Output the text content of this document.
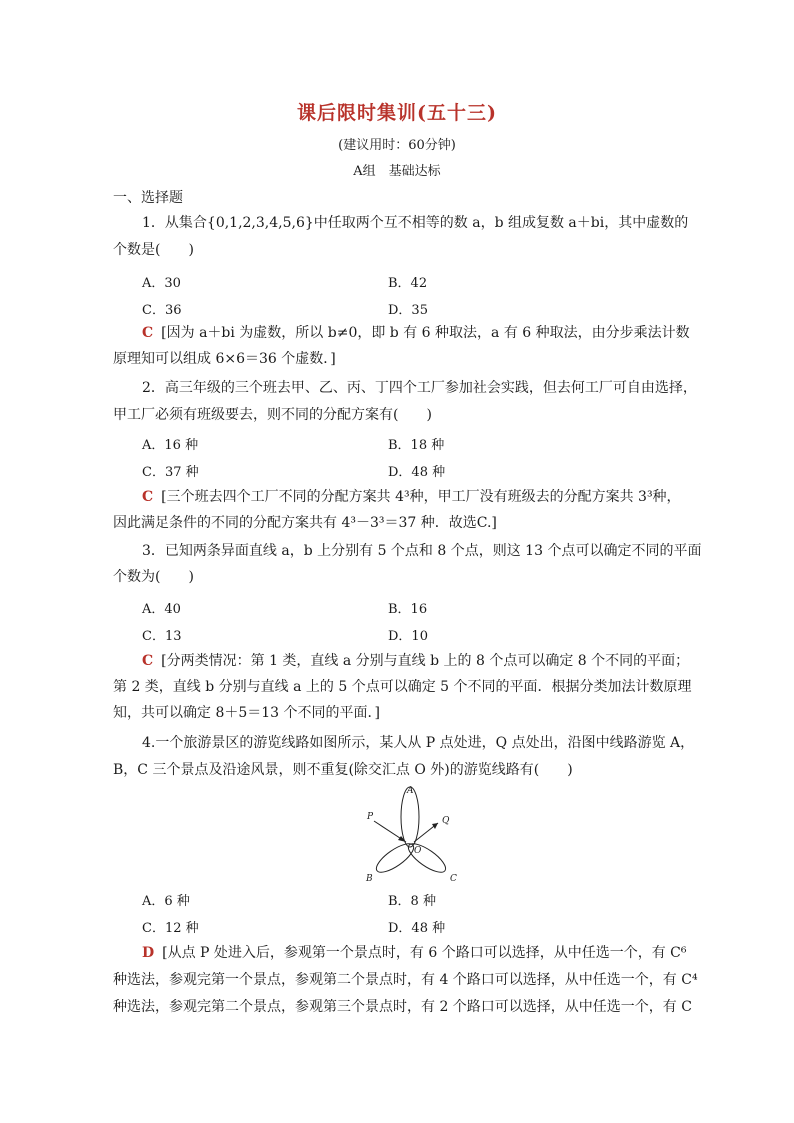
课后限时集训(五十三)
(建议用时：60分钟)
A组　基础达标
一、选择题
1．从集合{0,1,2,3,4,5,6}中任取两个互不相等的数 a，b 组成复数 a＋bi，其中虚数的
个数是(　　)
A．30	B．42
C．36	D．35
C [因为 a＋bi 为虚数，所以 b≠0，即 b 有 6 种取法，a 有 6 种取法，由分步乘法计数
原理知可以组成 6×6＝36 个虚数．]
2．高三年级的三个班去甲、乙、丙、丁四个工厂参加社会实践，但去何工厂可自由选择，
甲工厂必须有班级要去，则不同的分配方案有(　　)
A．16 种	B．18 种
C．37 种	D．48 种
C [三个班去四个工厂不同的分配方案共 4³种，甲工厂没有班级去的分配方案共 3³种，
因此满足条件的不同的分配方案共有 4³－3³＝37 种．故选C.]
3．已知两条异面直线 a，b 上分别有 5 个点和 8 个点，则这 13 个点可以确定不同的平面
个数为(　　)
A．40	B．16
C．13	D．10
C [分两类情况：第 1 类，直线 a 分别与直线 b 上的 8 个点可以确定 8 个不同的平面；
第 2 类，直线 b 分别与直线 a 上的 5 个点可以确定 5 个不同的平面．根据分类加法计数原理
知，共可以确定 8＋5＝13 个不同的平面．]
4.一个旅游景区的游览线路如图所示，某人从 P 点处进，Q 点处出，沿图中线路游览 A，
B，C 三个景点及沿途风景，则不重复(除交汇点 O 外)的游览线路有(　　)
A
B	C
P	Q
O
A．6 种	B．8 种
C．12 种	D．48 种
D [从点 P 处进入后，参观第一个景点时，有 6 个路口可以选择，从中任选一个，有 C⁶
种选法，参观完第一个景点，参观第二个景点时，有 4 个路口可以选择，从中任选一个，有 C⁴
种选法，参观完第二个景点，参观第三个景点时，有 2 个路口可以选择，从中任选一个，有 C
